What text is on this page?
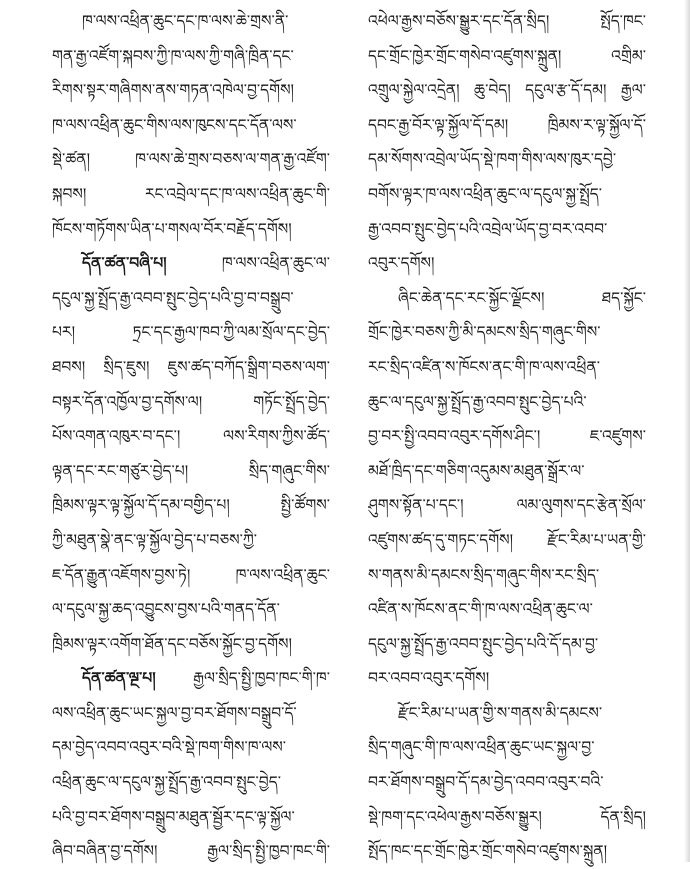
ཁ་ལས་འཕྲིན་ཆུང་དང་ཁ་ལས་ཆེ་གྲས་ནི་
གན་རྒྱ་འཛོག་སྐབས་ཀྱི་ཁ་ལས་ཀྱི་གཞི་ཁྲིན་དང་
རིགས་སྟར་གཞིགས་ནས་གཏན་འཁེལ་བྱ་དགོས།
ཁ་ལས་འཕྲིན་ཆུང་གིས་ལས་ཁུངས་དང་དོན་ལས་
སྡེ་ཚན། ཁ་ལས་ཆེ་གྲས་བཅས་ལ་གན་རྒྱ་འཛོག་
སྐབས། རང་འབྲེལ་དང་ཁ་ལས་འཕྲིན་ཆུང་གི་
ཁོངས་གཏོགས་ཡིན་པ་གསལ་བོར་བརྗོད་དགོས།
དོན་ཚན་བཞི་པ། ཁ་ལས་འཕྲིན་ཆུང་ལ་
དངུལ་སྐྱ་སྤྲོད་རྒྱ་འབབ་སྤུང་བྱེད་པའི་བྱ་བ་བསྒྲུབ་
པར། ཏྲང་དང་རྒྱལ་ཁབ་ཀྱི་ལམ་སྲོལ་དང་བྱེད་
ཐབས། སྲིད་ཇུས། ཇུས་ཚད་བཀོད་སྒྲིག་བཅས་ལག་
བསྟར་དོན་འཁྱོལ་བྱ་དགོས་ལ། གཏོང་སྤྲོད་བྱེད་
པོས་འགན་འཁུར་བ་དང་། ལས་རིགས་ཀྱིས་ཚོད་
ལྟན་དང་རང་གཙུར་བྱེད་པ། སྲིད་གཞུང་གིས་
ཁྲིམས་ལྟར་ལྟ་སྐྱོལ་དོ་དམ་བགྱིད་པ། སྤྱི་ཚོགས་
ཀྱི་མཐུན་སྣེ་ནང་ལྟ་སྐྱོལ་བྱེད་པ་བཅས་ཀྱི་
ཇ་དོན་རྒྱུན་འཇོགས་བྱས་ཏེ། ཁ་ལས་འཕྲིན་ཆུང་
ལ་དངུལ་སྐྱ་ཆད་འབྱུངས་བྱས་པའི་གནད་དོན་
ཁྲིམས་ལྟར་འགོག་ཐོན་དང་བཅོས་སྐྱོང་བྱ་དགོས།
དོན་ཚན་ལྔ་པ། རྒྱལ་སྲིད་སྤྱི་ཁྱབ་ཁང་གི་ཁ་
ལས་འཕྲིན་ཆུང་ཡང་སྐྱལ་བྱ་བར་ཐོགས་བསྒྲུབ་དོ་
དམ་བྱེད་འབབ་འབུར་བའི་སྡེ་ཁག་གིས་ཁ་ལས་
འཕྲིན་ཆུང་ལ་དངུལ་སྐྱ་སྤྲོད་རྒྱ་འབབ་སྤུང་བྱེད་
པའི་བྱ་བར་ཐོགས་བསྒྲུབ་མཐུན་སྦྱོར་དང་ལྟ་སྐྱོལ་
ཞིབ་བཞིན་བྱ་དགོས། རྒྱལ་སྲིད་སྤྱི་ཁྱབ་ཁང་གི་
འཕེལ་རྒྱས་བཅོས་སྒྱུར་དང་དོན་སྲིད། སྤོད་ཁང་
དང་གྲོང་ཁྱེར་གྲོང་གསེབ་འཛུགས་སྐྲུན། འགྲིམ་
འགྲུལ་སྐྱེལ་འདྲེན། ཆུ་བེད། དངུལ་རྩ་དོ་དམ། རྒྱལ་
དབང་རྒྱ་བོར་ལྟ་སྐྱོལ་དོ་དམ། ཁྲིམས་ར་ལྟ་སྐྱོལ་དོ་
དམ་སོགས་འབྲེལ་ཡོད་སྡེ་ཁག་གིས་ལས་ཁུར་དབྱེ་
བགོས་ལྟར་ཁ་ལས་འཕྲིན་ཆུང་ལ་དངུལ་སྐྱ་སྤྲོད་
རྒྱ་འབབ་སྤུང་བྱེད་པའི་འབྲེལ་ཡོད་བྱ་བར་འབབ་
འབུར་དགོས།
ཞིང་ཆེན་དང་རང་སྐྱོང་ལྗོངས། ཐད་སྐྱོང་
གྲོང་ཁྱེར་བཅས་ཀྱི་མི་དམངས་སྲིད་གཞུང་གིས་
རང་སྲིད་འཛིན་ས་ཁོངས་ནང་གི་ཁ་ལས་འཕྲིན་
ཆུང་ལ་དངུལ་སྐྱ་སྤྲོད་རྒྱ་འབབ་སྤུང་བྱེད་པའི་
བྱ་བར་སྤྱི་འབབ་འབུར་དགོས་ཤིང་། ཇ་འཛུགས་
མཐོ་ཁྲིད་དང་གཅིག་འདུམས་མཐུན་སྒྲོར་ལ་
ཤུགས་སྟོན་པ་དང་། ལམ་ལུགས་དང་རྩེན་སྲོལ་
འཛུགས་ཚད་དུ་གཏང་དགོས། རྫོང་རིམ་པ་ཡན་གྱི་
ས་གནས་མི་དམངས་སྲིད་གཞུང་གིས་རང་སྲིད་
འཛིན་ས་ཁོངས་ནང་གི་ཁ་ལས་འཕྲིན་ཆུང་ལ་
དངུལ་སྐྱ་སྤྲོད་རྒྱ་འབབ་སྤུང་བྱེད་པའི་དོ་དམ་བྱ་
བར་འབབ་འབུར་དགོས།
རྫོང་རིམ་པ་ཡན་གྱི་ས་གནས་མི་དམངས་
སྲིད་གཞུང་གི་ཁ་ལས་འཕྲིན་ཆུང་ཡང་སྐྱལ་བྱ་
བར་ཐོགས་བསྒྲུབ་དོ་དམ་བྱེད་འབབ་འབུར་བའི་
སྡེ་ཁག་དང་འཕེལ་རྒྱས་བཅོས་སྒྱུར། དོན་སྲིད།
སྤོད་ཁང་དང་གྲོང་ཁྱེར་གྲོང་གསེབ་འཛུགས་སྐྲུན།
